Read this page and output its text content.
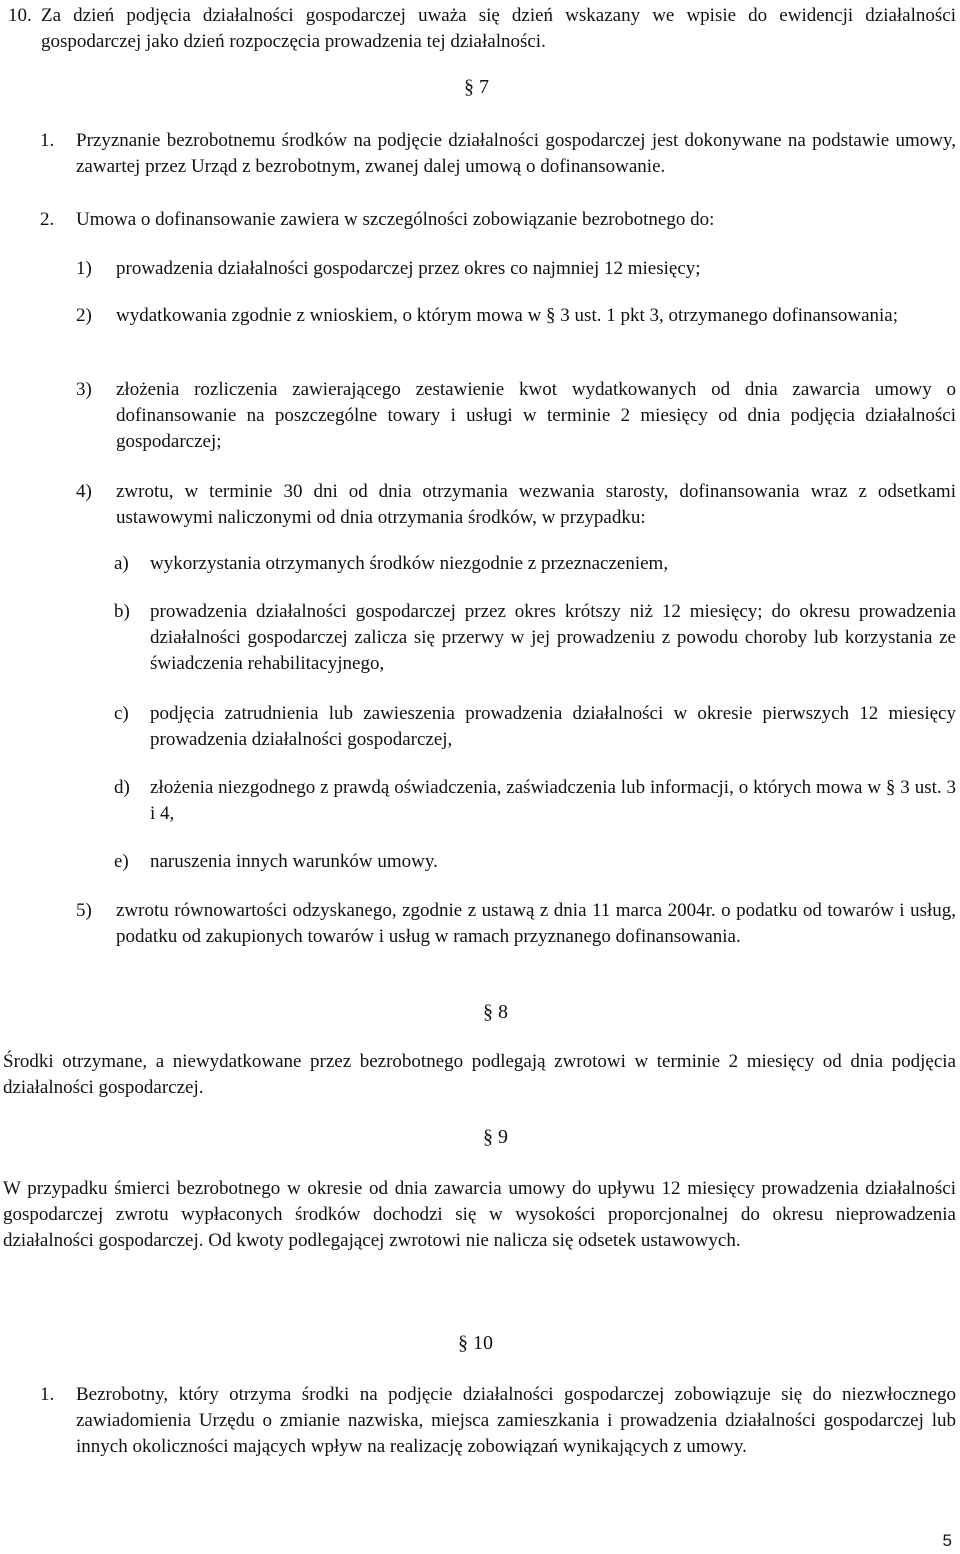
10. Za dzień podjęcia działalności gospodarczej uważa się dzień wskazany we wpisie do ewidencji działalności gospodarczej jako dzień rozpoczęcia prowadzenia tej działalności.
§ 7
1.	Przyznanie bezrobotnemu środków na podjęcie działalności gospodarczej jest dokonywane na podstawie umowy, zawartej przez Urząd z bezrobotnym, zwanej dalej umową o dofinansowanie.
2.	Umowa o dofinansowanie zawiera w szczególności zobowiązanie bezrobotnego do:
1)	prowadzenia działalności gospodarczej przez okres co najmniej 12 miesięcy;
2)	wydatkowania zgodnie z wnioskiem, o którym mowa w § 3 ust. 1 pkt 3, otrzymanego dofinansowania;
3)	złożenia rozliczenia zawierającego zestawienie kwot wydatkowanych od dnia zawarcia umowy o dofinansowanie na poszczególne towary i usługi w terminie 2 miesięcy od dnia podjęcia działalności gospodarczej;
4)	zwrotu, w terminie 30 dni od dnia otrzymania wezwania starosty, dofinansowania wraz z odsetkami ustawowymi naliczonymi od dnia otrzymania środków, w przypadku:
a)	wykorzystania otrzymanych środków niezgodnie z przeznaczeniem,
b)	prowadzenia działalności gospodarczej przez okres krótszy niż 12 miesięcy; do okresu prowadzenia działalności gospodarczej zalicza się przerwy w jej prowadzeniu z powodu choroby lub korzystania ze świadczenia rehabilitacyjnego,
c)	podjęcia zatrudnienia lub zawieszenia prowadzenia działalności w okresie pierwszych 12 miesięcy prowadzenia działalności gospodarczej,
d)	złożenia niezgodnego z prawdą oświadczenia, zaświadczenia lub informacji, o których mowa w § 3 ust. 3 i 4,
e)	naruszenia innych warunków umowy.
5)	zwrotu równowartości odzyskanego, zgodnie z ustawą z dnia 11 marca 2004r. o podatku od towarów i usług, podatku od zakupionych towarów i usług w ramach przyznanego dofinansowania.
§ 8
Środki otrzymane, a niewydatkowane przez bezrobotnego podlegają zwrotowi w terminie 2 miesięcy od dnia podjęcia działalności gospodarczej.
§ 9
W przypadku śmierci bezrobotnego w okresie od dnia zawarcia umowy do upływu 12 miesięcy prowadzenia działalności gospodarczej zwrotu wypłaconych środków dochodzi się w wysokości proporcjonalnej do okresu nieprowadzenia działalności gospodarczej. Od kwoty podlegającej zwrotowi nie nalicza się odsetek ustawowych.
§ 10
1.	Bezrobotny, który otrzyma środki na podjęcie działalności gospodarczej zobowiązuje się do niezwłocznego zawiadomienia Urzędu o zmianie nazwiska, miejsca zamieszkania i prowadzenia działalności gospodarczej lub innych okoliczności mających wpływ na realizację zobowiązań wynikających z umowy.
5
